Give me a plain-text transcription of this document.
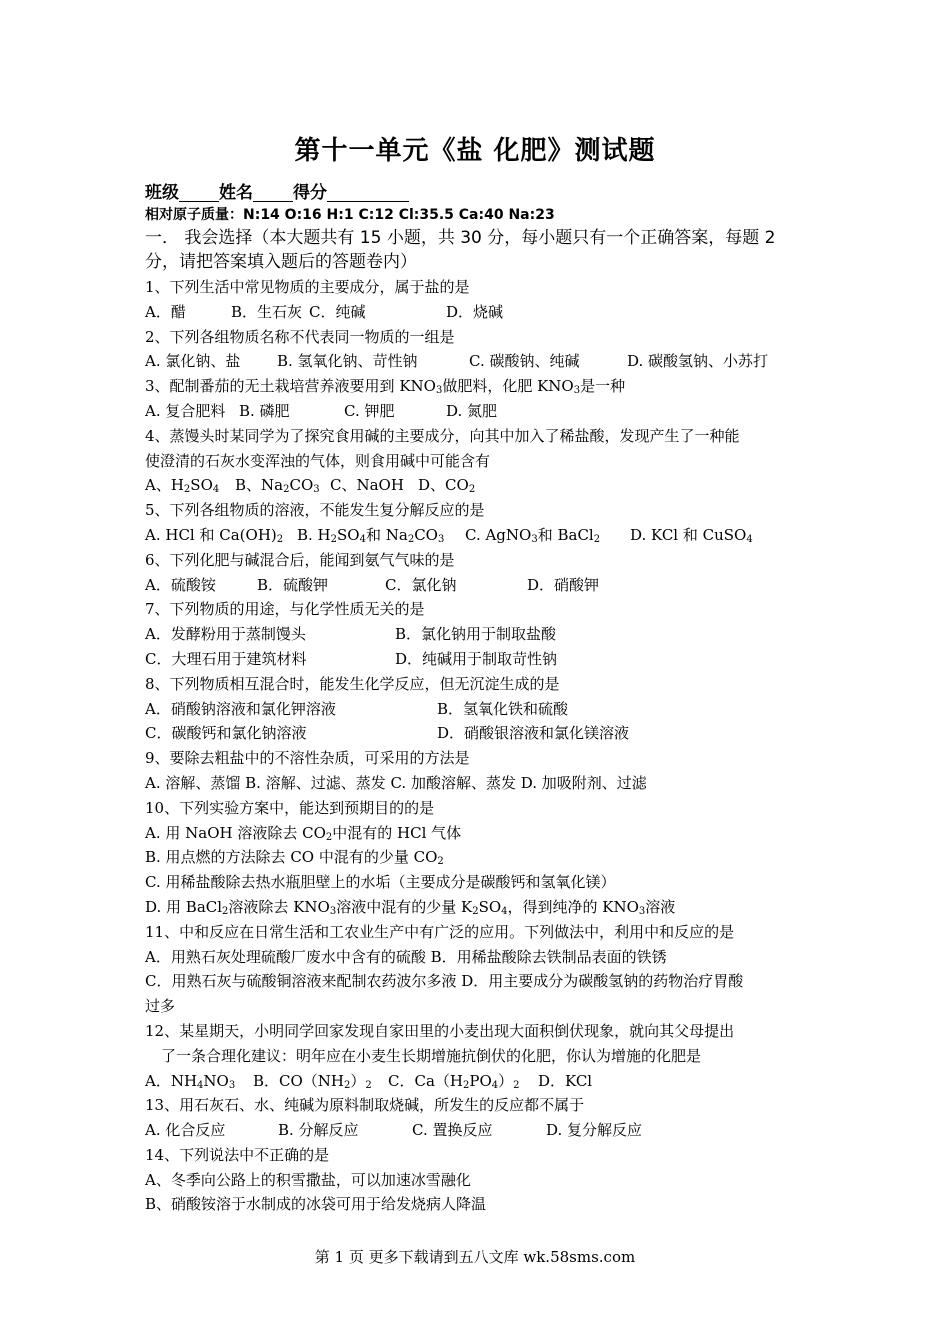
第十一单元《盐 化肥》测试题
班级 姓名 得分
相对原子质量：N:14 O:16 H:1 C:12 Cl:35.5 Ca:40 Na:23
一． 我会选择（本大题共有 15 小题，共 30 分，每小题只有一个正确答案，每题 2 分，请把答案填入题后的答题卷内）
1、下列生活中常见物质的主要成分，属于盐的是
A．醋	B．生石灰 C．纯碱	D．烧碱
2、下列各组物质名称不代表同一物质的一组是
A. 氯化钠、盐 B. 氢氧化钠、苛性钠	C. 碳酸钠、纯碱	D. 碳酸氢钠、小苏打
3、配制番茄的无土栽培营养液要用到 $KNO_3$做肥料，化肥 $KNO_3$是一种
A. 复合肥料 B. 磷肥	C. 钾肥	D. 氮肥
4、蒸馒头时某同学为了探究食用碱的主要成分，向其中加入了稀盐酸，发现产生了一种能
使澄清的石灰水变浑浊的气体，则食用碱中可能含有
A、$H_2SO_4$ B、$Na_2CO_3$ C、NaOH D、$CO_2$
5、下列各组物质的溶液，不能发生复分解反应的是
A. HCl 和 $Ca(OH)_2$ B. $H_2SO_4$和 $Na_2CO_3$ C. AgNO$_3$和 BaCl$_2$ D. KCl 和 CuSO$_4$
6、下列化肥与碱混合后，能闻到氨气气味的是
A．硫酸铵	B．硫酸钾	C．氯化钠	D．硝酸钾
7、下列物质的用途，与化学性质无关的是
A．发酵粉用于蒸制馒头	B．氯化钠用于制取盐酸
C．大理石用于建筑材料	D．纯碱用于制取苛性钠
8、下列物质相互混合时，能发生化学反应，但无沉淀生成的是
A．硝酸钠溶液和氯化钾溶液	B．氢氧化铁和硫酸
C．碳酸钙和氯化钠溶液	D．硝酸银溶液和氯化镁溶液
9、要除去粗盐中的不溶性杂质，可采用的方法是
A. 溶解、蒸馏 B. 溶解、过滤、蒸发 C. 加酸溶解、蒸发 D. 加吸附剂、过滤
10、下列实验方案中，能达到预期目的的是
A. 用 NaOH 溶液除去 $CO_2$中混有的 HCl 气体
B. 用点燃的方法除去 CO 中混有的少量 $CO_2$
C. 用稀盐酸除去热水瓶胆壁上的水垢（主要成分是碳酸钙和氢氧化镁）
D. 用 BaCl$_2$溶液除去 $KNO_3$溶液中混有的少量 $K_2SO_4$，得到纯净的 $KNO_3$溶液
11、中和反应在日常生活和工农业生产中有广泛的应用。下列做法中，利用中和反应的是
A．用熟石灰处理硫酸厂废水中含有的硫酸 B．用稀盐酸除去铁制品表面的铁锈
C．用熟石灰与硫酸铜溶液来配制农药波尔多液 D．用主要成分为碳酸氢钠的药物治疗胃酸
过多
12、某星期天，小明同学回家发现自家田里的小麦出现大面积倒伏现象，就向其父母提出
了一条合理化建议：明年应在小麦生长期增施抗倒伏的化肥，你认为增施的化肥是
A．$NH_4NO_3$ B．$CO(NH_2)_2$ C．$Ca(H_2PO_4)_2$ D．KCl
13、用石灰石、水、纯碱为原料制取烧碱，所发生的反应都不属于
A. 化合反应	B. 分解反应	C. 置换反应	D. 复分解反应
14、下列说法中不正确的是
A、冬季向公路上的积雪撒盐，可以加速冰雪融化
B、硝酸铵溶于水制成的冰袋可用于给发烧病人降温
第 1 页 更多下载请到五八文库 wk.58sms.com
